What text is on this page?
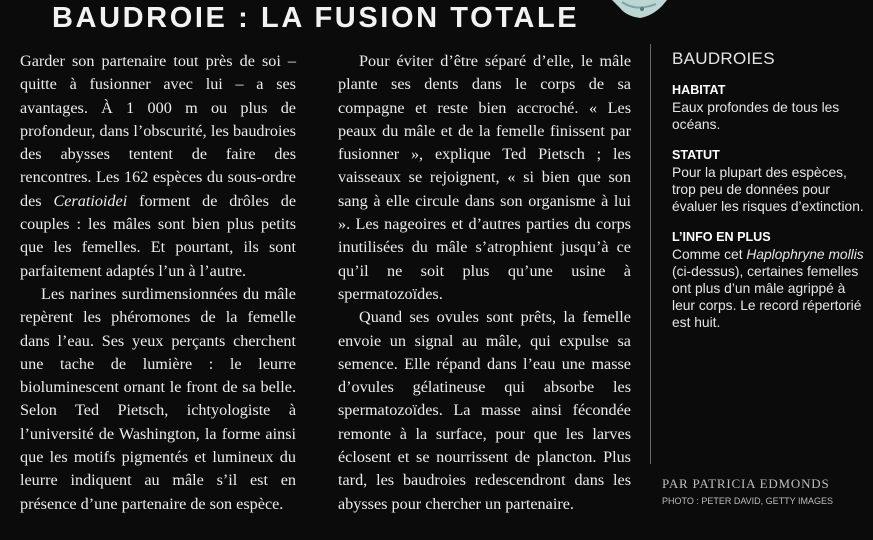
BAUDROIE : LA FUSION TOTALE

Garder son partenaire tout près de soi – quitte à fusionner avec lui – a ses avantages. À 1 000 m ou plus de profondeur, dans l’obscurité, les baudroies des abysses tentent de faire des rencontres. Les 162 espèces du sous-ordre des Ceratioidei forment de drôles de couples : les mâles sont bien plus petits que les femelles. Et pourtant, ils sont parfaitement adaptés l’un à l’autre.

Les narines surdimensionnées du mâle repèrent les phéromones de la femelle dans l’eau. Ses yeux perçants cherchent une tache de lumière : le leurre bioluminescent ornant le front de sa belle. Selon Ted Pietsch, ichtyologiste à l’université de Washington, la forme ainsi que les motifs pigmentés et lumineux du leurre indiquent au mâle s’il est en présence d’une partenaire de son espèce.

Pour éviter d’être séparé d’elle, le mâle plante ses dents dans le corps de sa compagne et reste bien accroché. « Les peaux du mâle et de la femelle finissent par fusionner », explique Ted Pietsch ; les vaisseaux se rejoignent, « si bien que son sang à elle circule dans son organisme à lui ». Les nageoires et d’autres parties du corps inutilisées du mâle s’atrophient jusqu’à ce qu’il ne soit plus qu’une usine à spermatozoïdes.

Quand ses ovules sont prêts, la femelle envoie un signal au mâle, qui expulse sa semence. Elle répand dans l’eau une masse d’ovules gélatineuse qui absorbe les spermatozoïdes. La masse ainsi fécondée remonte à la surface, pour que les larves éclosent et se nourrissent de plancton. Plus tard, les baudroies redescendront dans les abysses pour chercher un partenaire.

BAUDROIES
HABITAT
Eaux profondes de tous les océans.
STATUT
Pour la plupart des espèces, trop peu de données pour évaluer les risques d’extinction.
L’INFO EN PLUS
Comme cet Haplophryne mollis (ci-dessus), certaines femelles ont plus d’un mâle agrippé à leur corps. Le record répertorié est huit.

PAR PATRICIA EDMONDS

PHOTO : PETER DAVID, GETTY IMAGES
